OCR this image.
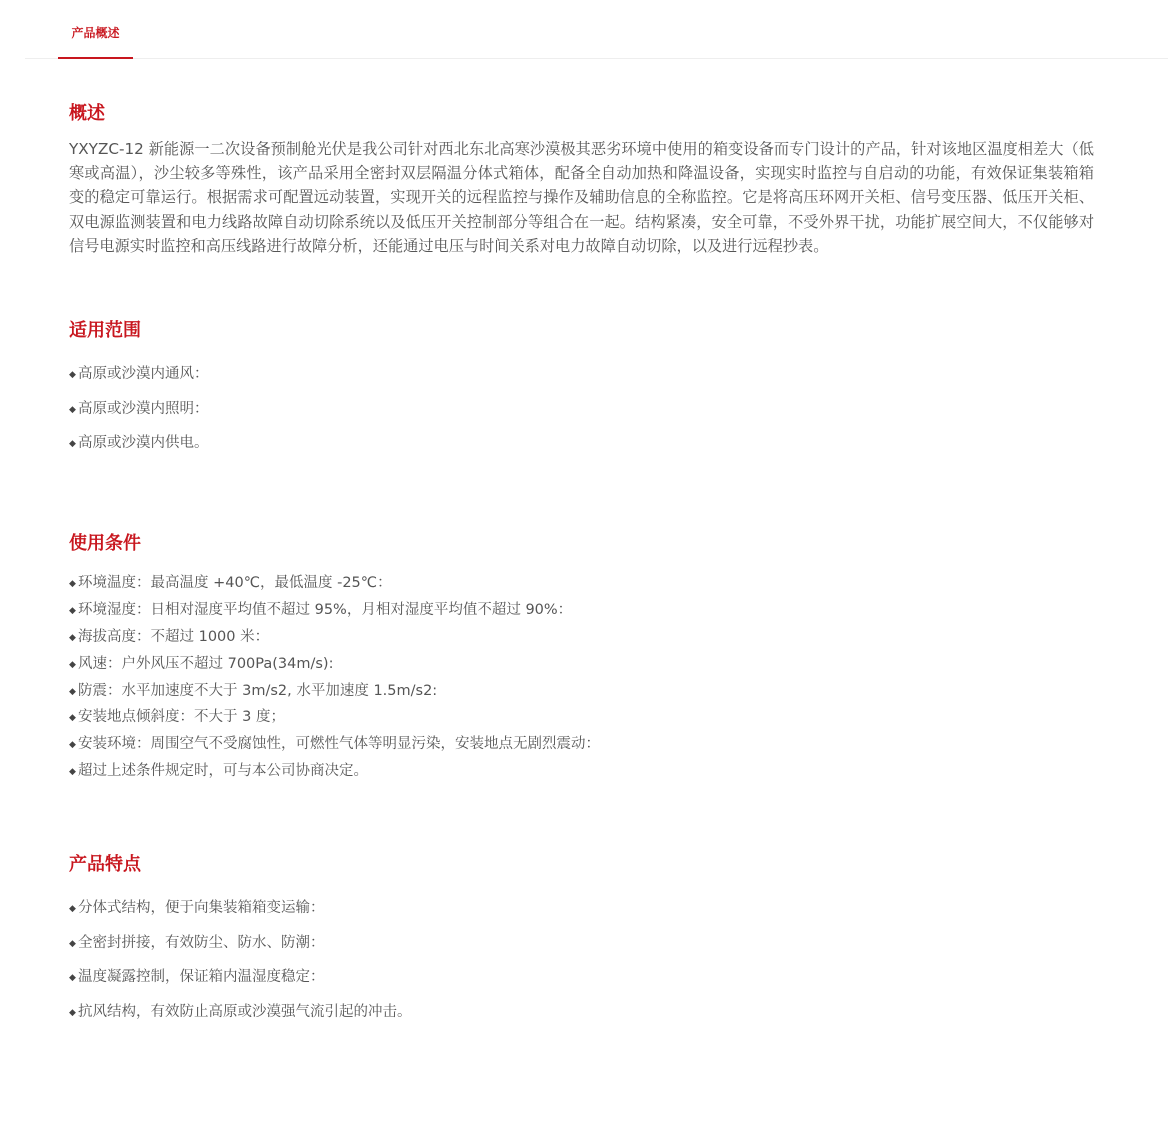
产品概述
概述

YXYZC-12 新能源一二次设备预制舱光伏是我公司针对西北东北高寒沙漠极其恶劣环境中使用的箱变设备而专门设计的产品，针对该地区温度相差大（低寒或高温），沙尘较多等殊性，该产品采用全密封双层隔温分体式箱体，配备全自动加热和降温设备，实现实时监控与自启动的功能，有效保证集装箱箱变的稳定可靠运行。根据需求可配置远动装置，实现开关的远程监控与操作及辅助信息的全称监控。它是将高压环网开关柜、信号变压器、低压开关柜、双电源监测装置和电力线路故障自动切除系统以及低压开关控制部分等组合在一起。结构紧凑，安全可靠，不受外界干扰，功能扩展空间大，不仅能够对信号电源实时监控和高压线路进行故障分析，还能通过电压与时间关系对电力故障自动切除，以及进行远程抄表。

适用范围
◆ 高原或沙漠内通风：
◆ 高原或沙漠内照明：
◆ 高原或沙漠内供电。
使用条件
◆ 环境温度：最高温度 +40℃，最低温度 -25℃：
◆ 环境湿度：日相对湿度平均值不超过 95%，月相对湿度平均值不超过 90%：
◆ 海拔高度：不超过 1000 米：
◆ 风速：户外风压不超过 700Pa(34m/s):
◆ 防震：水平加速度不大于 3m/s2, 水平加速度 1.5m/s2:
◆ 安装地点倾斜度：不大于 3 度；
◆ 安装环境：周围空气不受腐蚀性，可燃性气体等明显污染，安装地点无剧烈震动：
◆ 超过上述条件规定时，可与本公司协商决定。
产品特点
◆ 分体式结构，便于向集装箱箱变运输：
◆ 全密封拼接，有效防尘、防水、防潮：
◆ 温度凝露控制，保证箱内温湿度稳定：
◆ 抗风结构，有效防止高原或沙漠强气流引起的冲击。
